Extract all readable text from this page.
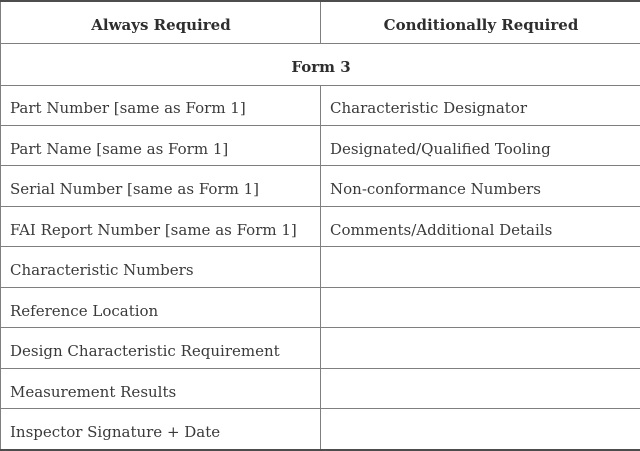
Always Required	Conditionally Required
Form 3	
Part Number [same as Form 1]	Characteristic Designator
Part Name [same as Form 1]	Designated/Qualified Tooling
Serial Number [same as Form 1]	Non-conformance Numbers
FAI Report Number [same as Form 1]	Comments/Additional Details
Characteristic Numbers	
Reference Location	
Design Characteristic Requirement	
Measurement Results	
Inspector Signature + Date	
